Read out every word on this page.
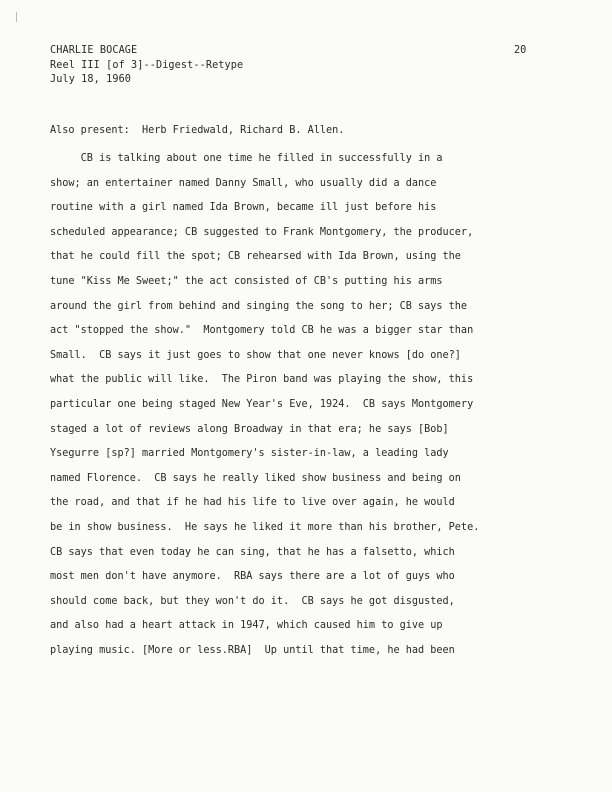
CHARLIE BOCAGE
Reel III [of 3]--Digest--Retype
July 18, 1960
20
Also present:  Herb Friedwald, Richard B. Allen.
CB is talking about one time he filled in successfully in a
show; an entertainer named Danny Small, who usually did a dance
routine with a girl named Ida Brown, became ill just before his
scheduled appearance; CB suggested to Frank Montgomery, the producer,
that he could fill the spot; CB rehearsed with Ida Brown, using the
tune "Kiss Me Sweet;" the act consisted of CB's putting his arms
around the girl from behind and singing the song to her; CB says the
act "stopped the show."  Montgomery told CB he was a bigger star than
Small.  CB says it just goes to show that one never knows [do one?]
what the public will like.  The Piron band was playing the show, this
particular one being staged New Year's Eve, 1924.  CB says Montgomery
staged a lot of reviews along Broadway in that era; he says [Bob]
Ysegurre [sp?] married Montgomery's sister-in-law, a leading lady
named Florence.  CB says he really liked show business and being on
the road, and that if he had his life to live over again, he would
be in show business.  He says he liked it more than his brother, Pete.
CB says that even today he can sing, that he has a falsetto, which
most men don't have anymore.  RBA says there are a lot of guys who
should come back, but they won't do it.  CB says he got disgusted,
and also had a heart attack in 1947, which caused him to give up
playing music. [More or less.RBA]  Up until that time, he had been
